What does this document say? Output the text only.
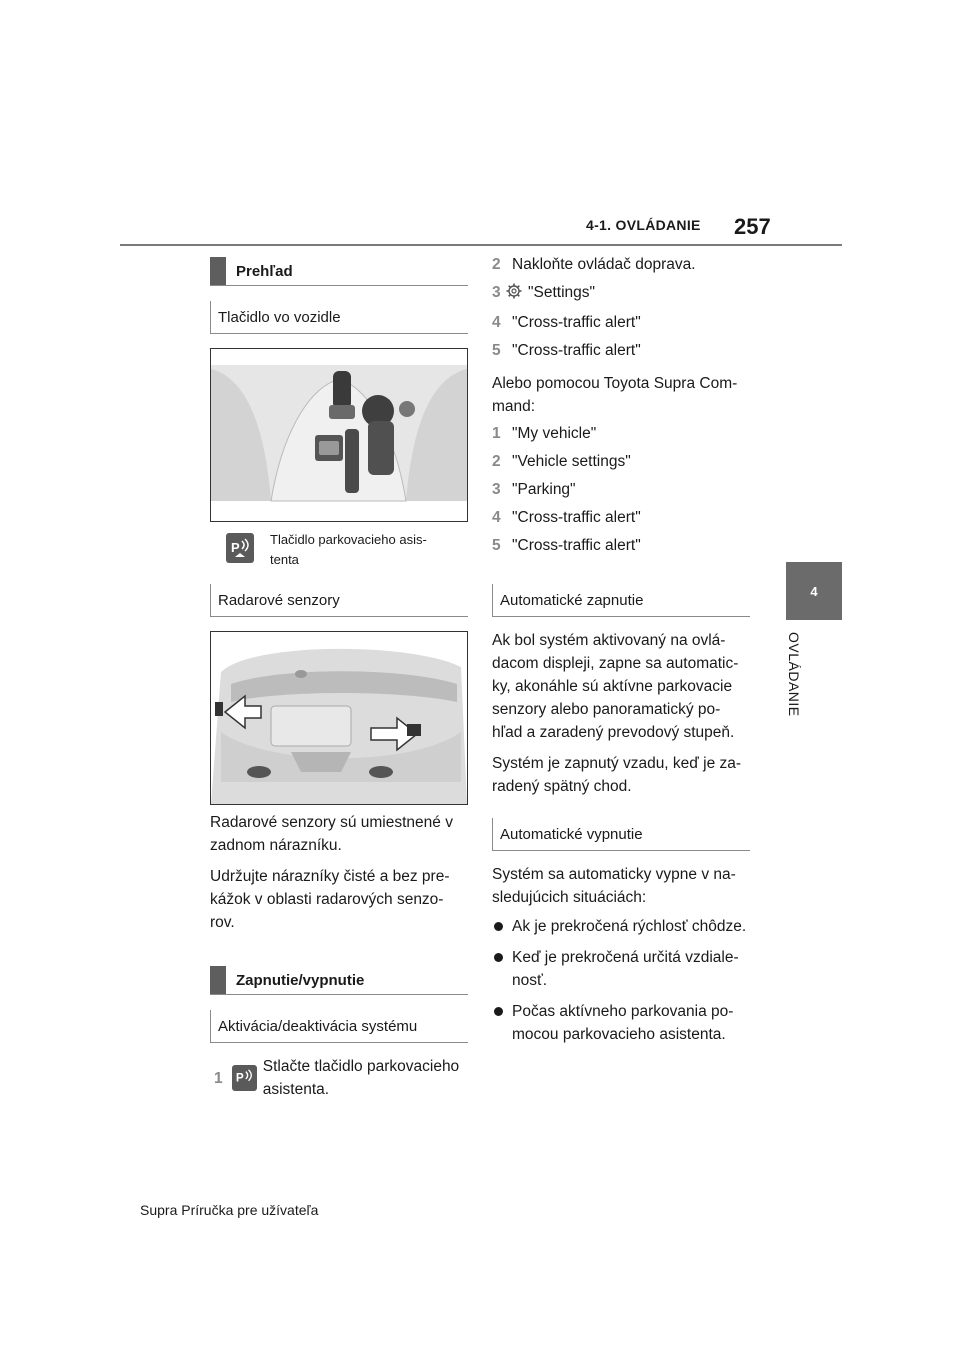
4-1. OVLÁDANIE 257
4
OVLÁDANIE
Prehľad
Tlačidlo vo vozidle
P
Tlačidlo parkovacieho asis-tenta
Radarové senzory
Radarové senzory sú umiestnené v zadnom nárazníku.
Udržujte nárazníky čisté a bez pre-kážok v oblasti radarových senzo-rov.
Zapnutie/vypnutie
Aktivácia/deaktivácia systému
1	P
Stlačte tlačidlo parkovacieho asistenta.
2 Nakloňte ovládač doprava.
3 "Settings"
4 "Cross-traffic alert"
5 "Cross-traffic alert"
Alebo pomocou Toyota Supra Com-mand:
1 "My vehicle"
2 "Vehicle settings"
3 "Parking"
4 "Cross-traffic alert"
5 "Cross-traffic alert"
Automatické zapnutie
Ak bol systém aktivovaný na ovlá-dacom displeji, zapne sa automatic-ky, akonáhle sú aktívne parkovacie senzory alebo panoramatický po-hľad a zaradený prevodový stupeň.
Systém je zapnutý vzadu, keď je za-radený spätný chod.
Automatické vypnutie
Systém sa automaticky vypne v na-sledujúcich situáciách:
Ak je prekročená rýchlosť chôdze.
Keď je prekročená určitá vzdiale-nosť.
Počas aktívneho parkovania po-mocou parkovacieho asistenta.
Supra Príručka pre užívateľa
